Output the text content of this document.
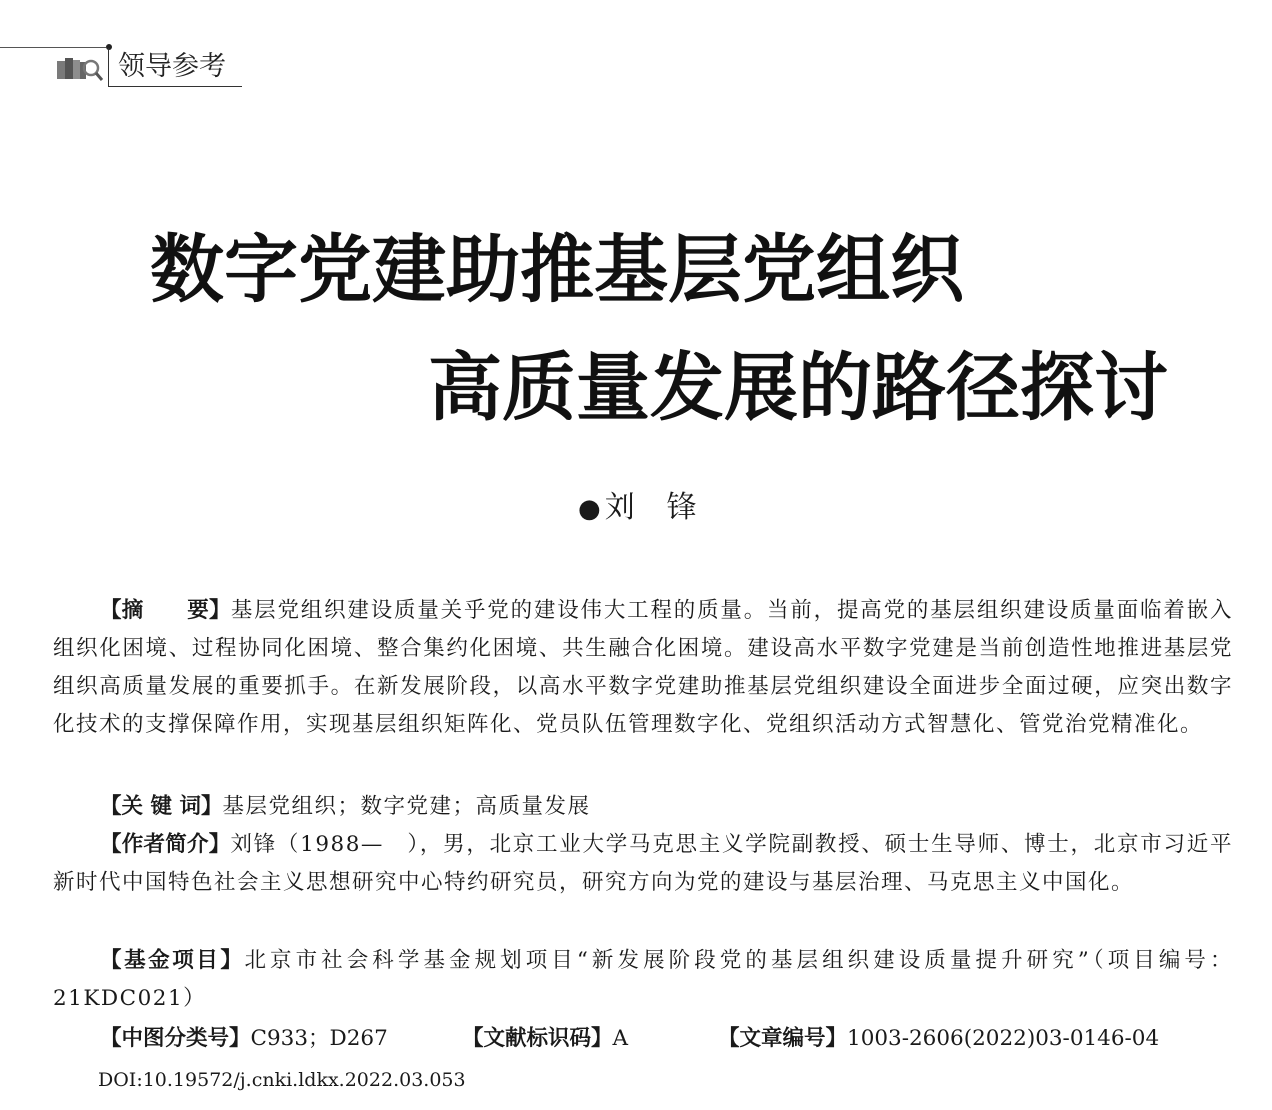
领导参考
数字党建助推基层党组织
高质量发展的路径探讨
● 刘锋

【摘　　要】基层党组织建设质量关乎党的建设伟大工程的质量。当前，提高党的基层组织建设质量面临着嵌入组织化困境、过程协同化困境、整合集约化困境、共生融合化困境。建设高水平数字党建是当前创造性地推进基层党组织高质量发展的重要抓手。在新发展阶段，以高水平数字党建助推基层党组织建设全面进步全面过硬，应突出数字化技术的支撑保障作用，实现基层组织矩阵化、党员队伍管理数字化、党组织活动方式智慧化、管党治党精准化。

【关 键 词】基层党组织；数字党建；高质量发展

【作者简介】刘锋（1988—　），男，北京工业大学马克思主义学院副教授、硕士生导师、博士，北京市习近平新时代中国特色社会主义思想研究中心特约研究员，研究方向为党的建设与基层治理、马克思主义中国化。

【基金项目】北京市社会科学基金规划项目“新发展阶段党的基层组织建设质量提升研究”（项目编号：21KDC021）

【中图分类号】C933；D267	【文献标识码】A	【文章编号】1003-2606(2022)03-0146-04
DOI:10.19572/j.cnki.ldkx.2022.03.053
